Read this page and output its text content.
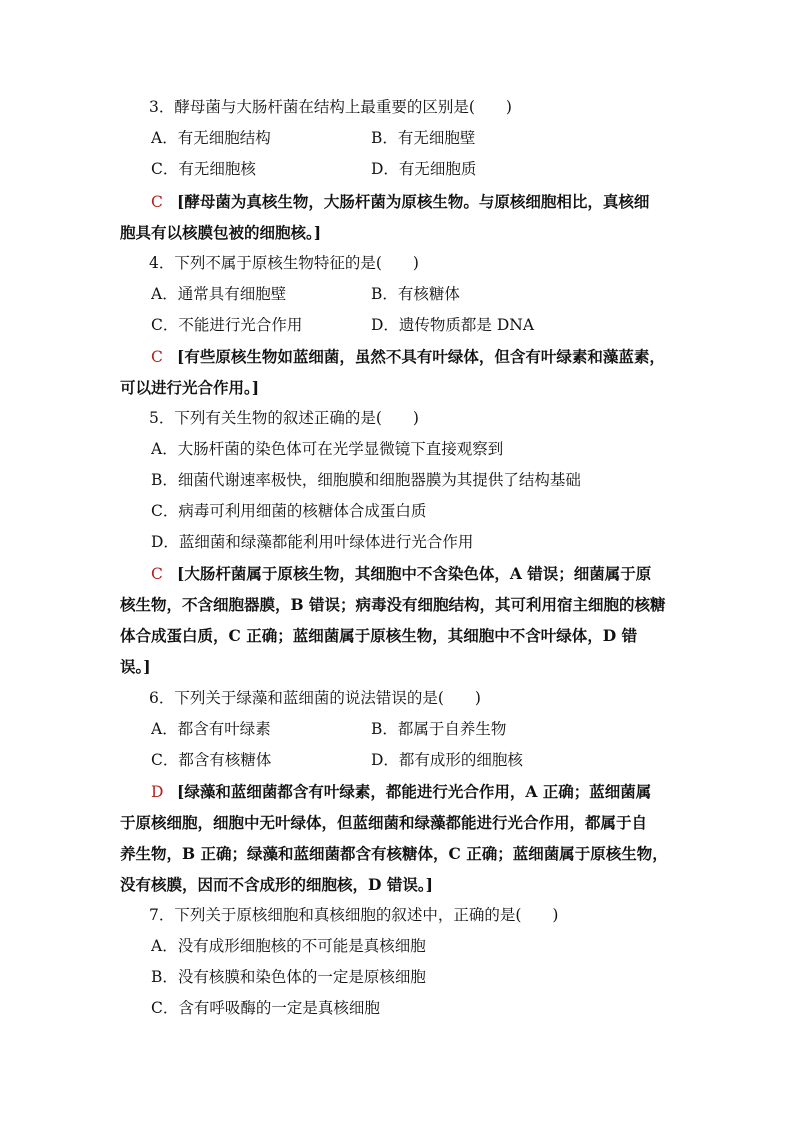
3．酵母菌与大肠杆菌在结构上最重要的区别是(　　)
A．有无细胞结构	B．有无细胞壁
C．有无细胞核	D．有无细胞质
C [酵母菌为真核生物，大肠杆菌为原核生物。与原核细胞相比，真核细
胞具有以核膜包被的细胞核。]
4．下列不属于原核生物特征的是(　　)
A．通常具有细胞壁	B．有核糖体
C．不能进行光合作用	D．遗传物质都是 DNA
C [有些原核生物如蓝细菌，虽然不具有叶绿体，但含有叶绿素和藻蓝素，
可以进行光合作用。]
5．下列有关生物的叙述正确的是(　　)
A．大肠杆菌的染色体可在光学显微镜下直接观察到
B．细菌代谢速率极快，细胞膜和细胞器膜为其提供了结构基础
C．病毒可利用细菌的核糖体合成蛋白质
D．蓝细菌和绿藻都能利用叶绿体进行光合作用
C [大肠杆菌属于原核生物，其细胞中不含染色体，A 错误；细菌属于原
核生物，不含细胞器膜，B 错误；病毒没有细胞结构，其可利用宿主细胞的核糖
体合成蛋白质，C 正确；蓝细菌属于原核生物，其细胞中不含叶绿体，D 错
误。]
6．下列关于绿藻和蓝细菌的说法错误的是(　　)
A．都含有叶绿素	B．都属于自养生物
C．都含有核糖体	D．都有成形的细胞核
D [绿藻和蓝细菌都含有叶绿素，都能进行光合作用，A 正确；蓝细菌属
于原核细胞，细胞中无叶绿体，但蓝细菌和绿藻都能进行光合作用，都属于自
养生物，B 正确；绿藻和蓝细菌都含有核糖体，C 正确；蓝细菌属于原核生物，
没有核膜，因而不含成形的细胞核，D 错误。]
7．下列关于原核细胞和真核细胞的叙述中，正确的是(　　)
A．没有成形细胞核的不可能是真核细胞
B．没有核膜和染色体的一定是原核细胞
C．含有呼吸酶的一定是真核细胞
